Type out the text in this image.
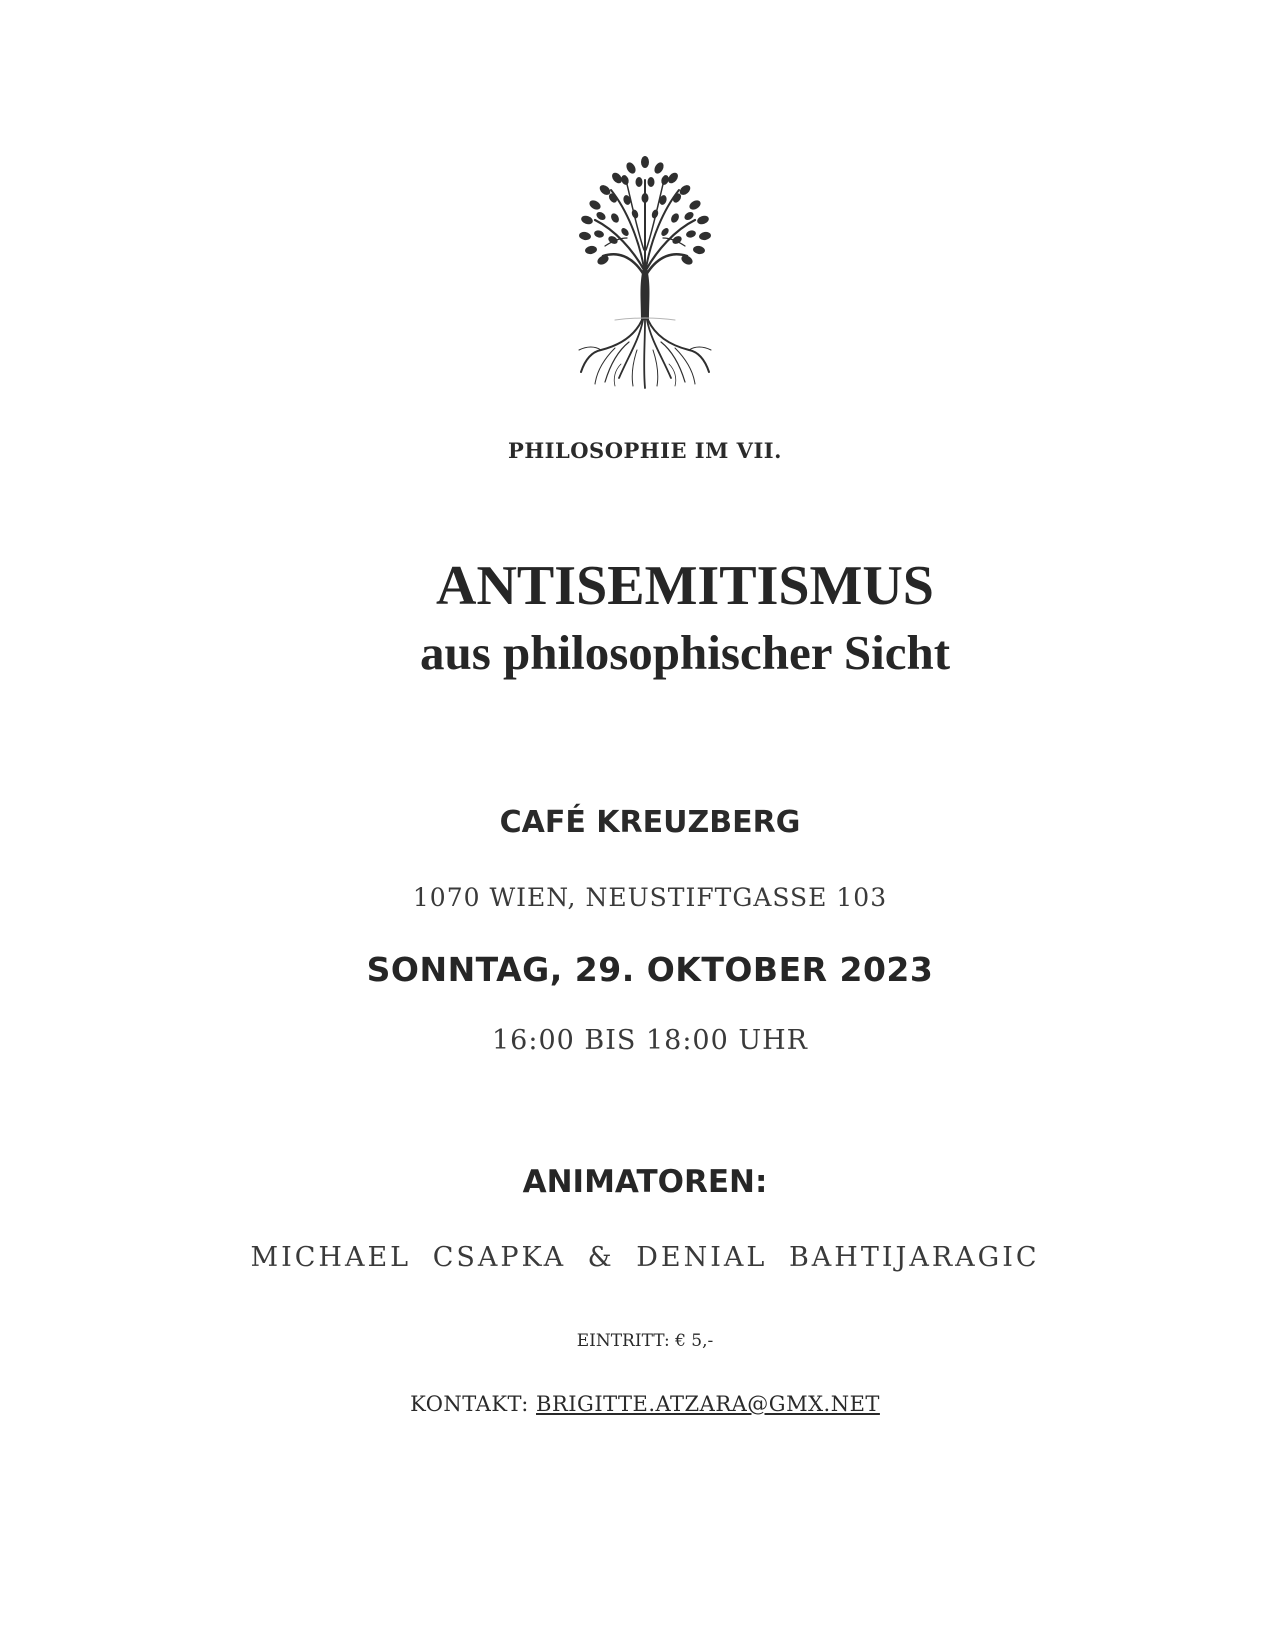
PHILOSOPHIE IM VII.
ANTISEMITISMUS
aus philosophischer Sicht
CAFÉ KREUZBERG
1070 WIEN, NEUSTIFTGASSE 103
SONNTAG, 29. OKTOBER 2023
16:00 BIS 18:00 UHR
ANIMATOREN:
MICHAEL CSAPKA & DENIAL BAHTIJARAGIC
EINTRITT: € 5,-
KONTAKT: BRIGITTE.ATZARA@GMX.NET
